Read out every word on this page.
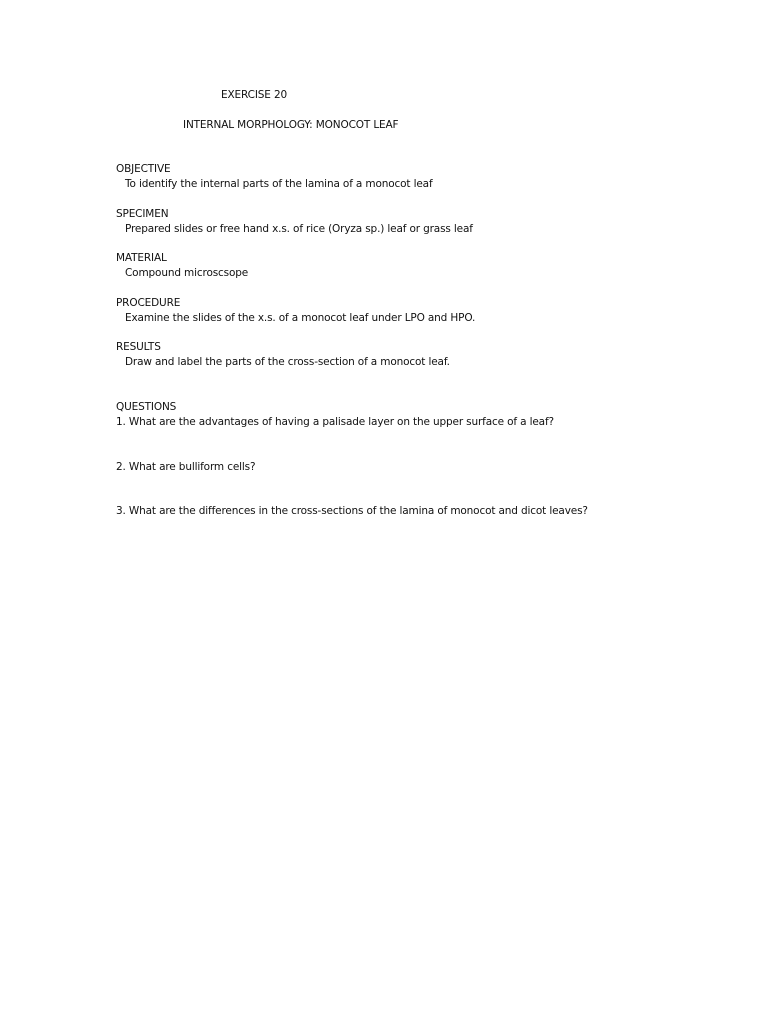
EXERCISE 20
INTERNAL MORPHOLOGY: MONOCOT LEAF
OBJECTIVE
To identify the internal parts of the lamina of a monocot leaf
SPECIMEN
Prepared slides or free hand x.s. of rice (Oryza sp.) leaf or grass leaf
MATERIAL
Compound microscsope
PROCEDURE
Examine the slides of the x.s. of a monocot leaf under LPO and HPO.
RESULTS
Draw and label the parts of the cross-section of a monocot leaf.
QUESTIONS
1. What are the advantages of having a palisade layer on the upper surface of a leaf?
2. What are bulliform cells?
3. What are the differences in the cross-sections of the lamina of monocot and dicot leaves?
